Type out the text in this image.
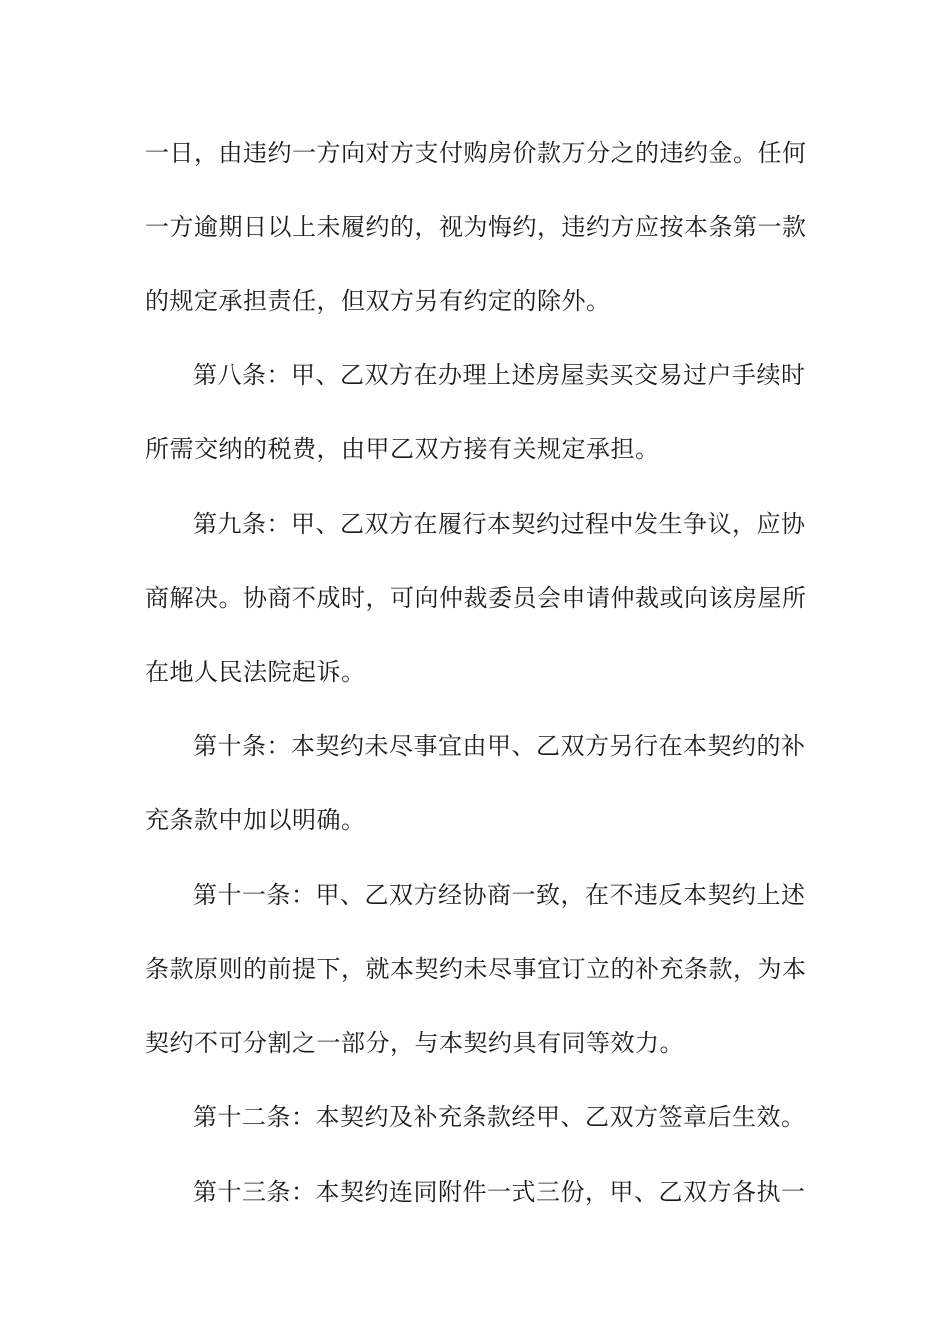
一日，由违约一方向对方支付购房价款万分之的违约金。任何
一方逾期日以上未履约的，视为悔约，违约方应按本条第一款
的规定承担责任，但双方另有约定的除外。
第八条：甲、乙双方在办理上述房屋卖买交易过户手续时
所需交纳的税费，由甲乙双方接有关规定承担。
第九条：甲、乙双方在履行本契约过程中发生争议，应协
商解决。协商不成时，可向仲裁委员会申请仲裁或向该房屋所
在地人民法院起诉。
第十条：本契约未尽事宜由甲、乙双方另行在本契约的补
充条款中加以明确。
第十一条：甲、乙双方经协商一致，在不违反本契约上述
条款原则的前提下，就本契约未尽事宜订立的补充条款，为本
契约不可分割之一部分，与本契约具有同等效力。
第十二条：本契约及补充条款经甲、乙双方签章后生效。
第十三条：本契约连同附件一式三份，甲、乙双方各执一
